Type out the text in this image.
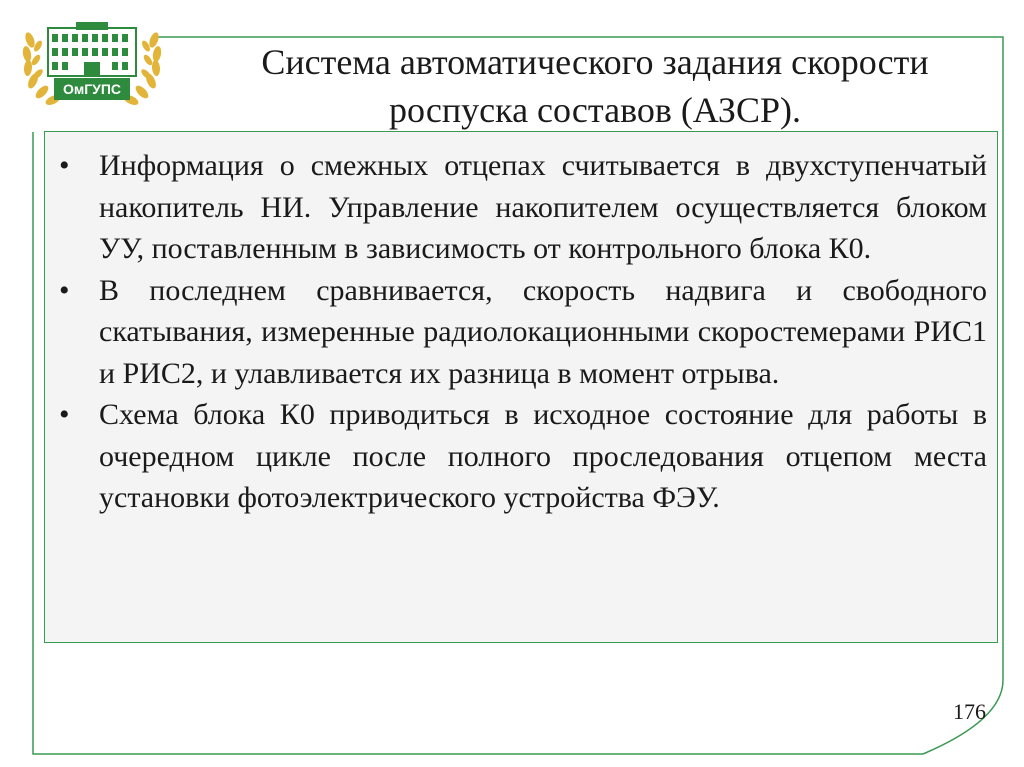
ОмГУПС
Система автоматического задания скорости
роспуска составов (АЗСР).
• Информация о смежных отцепах считывается в двухступенчатый накопитель НИ. Управление накопителем осуществляется блоком УУ, поставленным в зависимость от контрольного блока К0.
• В последнем сравнивается, скорость надвига и свободного скатывания, измеренные радиолокационными скоростемерами РИС1 и РИС2, и улавливается их разница в момент отрыва.
• Схема блока К0 приводиться в исходное состояние для работы в очередном цикле после полного проследования отцепом места установки фотоэлектрического устройства ФЭУ.
176
